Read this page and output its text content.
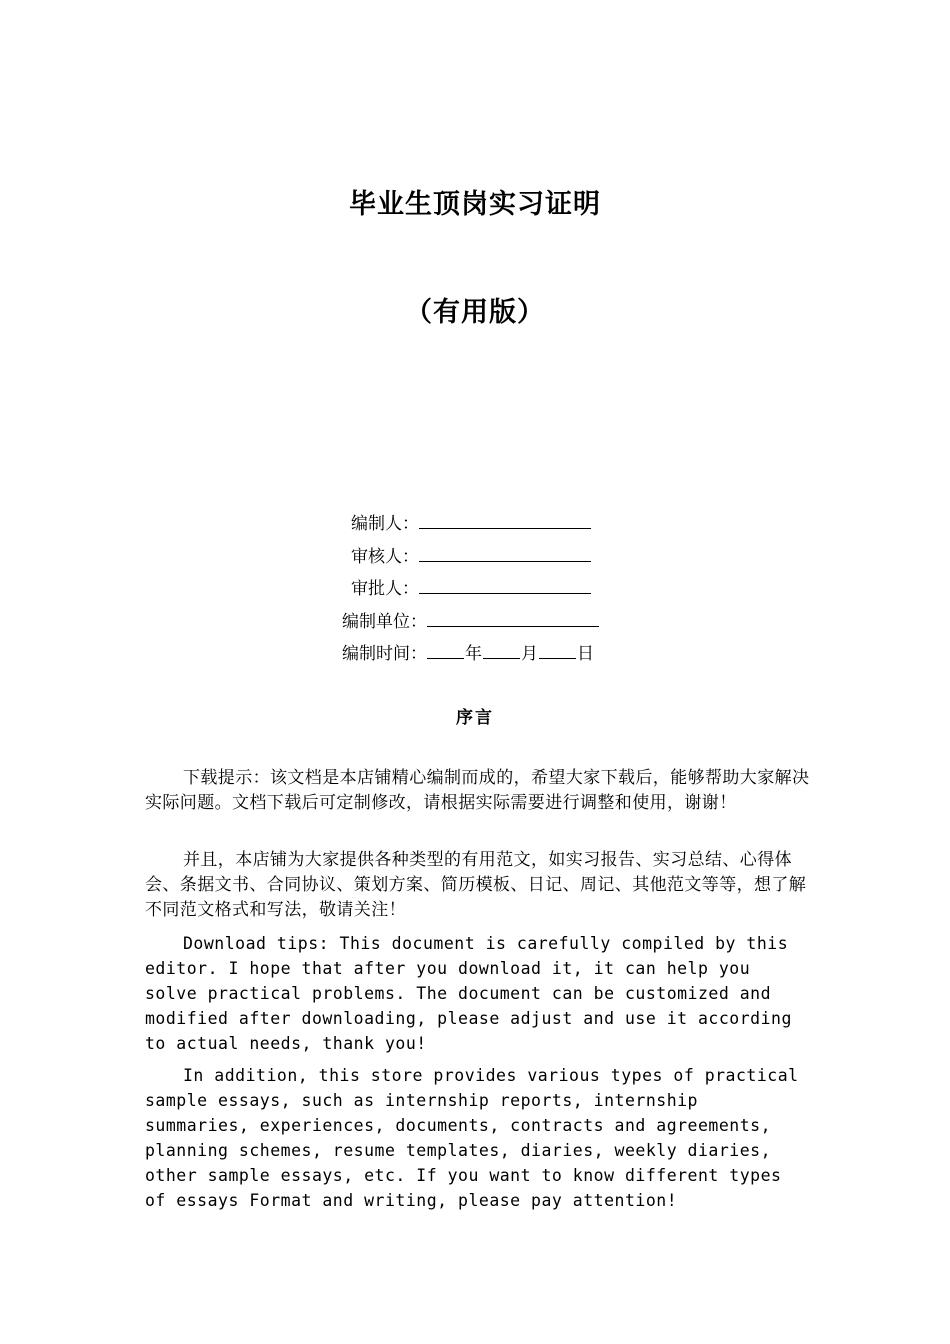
毕业生顶岗实习证明
（有用版）
编制人：
审核人：
审批人：
编制单位：
编制时间： 年 月 日
序言

下载提示：该文档是本店铺精心编制而成的，希望大家下载后，能够帮助大家解决实际问题。文档下载后可定制修改，请根据实际需要进行调整和使用，谢谢！

并且，本店铺为大家提供各种类型的有用范文，如实习报告、实习总结、心得体会、条据文书、合同协议、策划方案、简历模板、日记、周记、其他范文等等，想了解不同范文格式和写法，敬请关注！

Download tips: This document is carefully compiled by this editor. I hope that after you download it, it can help you solve practical problems. The document can be customized and modified after downloading, please adjust and use it according to actual needs, thank you!

In addition, this store provides various types of practical sample essays, such as internship reports, internship summaries, experiences, documents, contracts and agreements, planning schemes, resume templates, diaries, weekly diaries, other sample essays, etc. If you want to know different types of essays Format and writing, please pay attention!
